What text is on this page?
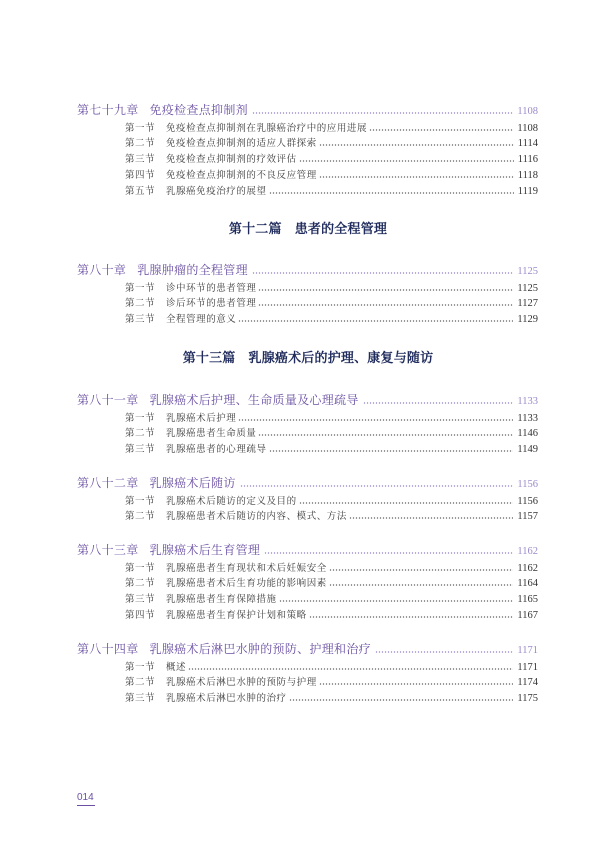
第七十九章 免疫检查点抑制剂	1108
第一节	免疫检查点抑制剂在乳腺癌治疗中的应用进展	1108
第二节	免疫检查点抑制剂的适应人群探索	1114
第三节	免疫检查点抑制剂的疗效评估	1116
第四节	免疫检查点抑制剂的不良反应管理	1118
第五节	乳腺癌免疫治疗的展望	1119
第十二篇 患者的全程管理
第八十章 乳腺肿瘤的全程管理	1125
第一节	诊中环节的患者管理	1125
第二节	诊后环节的患者管理	1127
第三节	全程管理的意义	1129
第十三篇 乳腺癌术后的护理、康复与随访
第八十一章 乳腺癌术后护理、生命质量及心理疏导	1133
第一节	乳腺癌术后护理	1133
第二节	乳腺癌患者生命质量	1146
第三节	乳腺癌患者的心理疏导	1149
第八十二章 乳腺癌术后随访	1156
第一节	乳腺癌术后随访的定义及目的	1156
第二节	乳腺癌患者术后随访的内容、模式、方法	1157
第八十三章 乳腺癌术后生育管理	1162
第一节	乳腺癌患者生育现状和术后妊娠安全	1162
第二节	乳腺癌患者术后生育功能的影响因素	1164
第三节	乳腺癌患者生育保障措施	1165
第四节	乳腺癌患者生育保护计划和策略	1167
第八十四章 乳腺癌术后淋巴水肿的预防、护理和治疗	1171
第一节	概述	1171
第二节	乳腺癌术后淋巴水肿的预防与护理	1174
第三节	乳腺癌术后淋巴水肿的治疗	1175
014
